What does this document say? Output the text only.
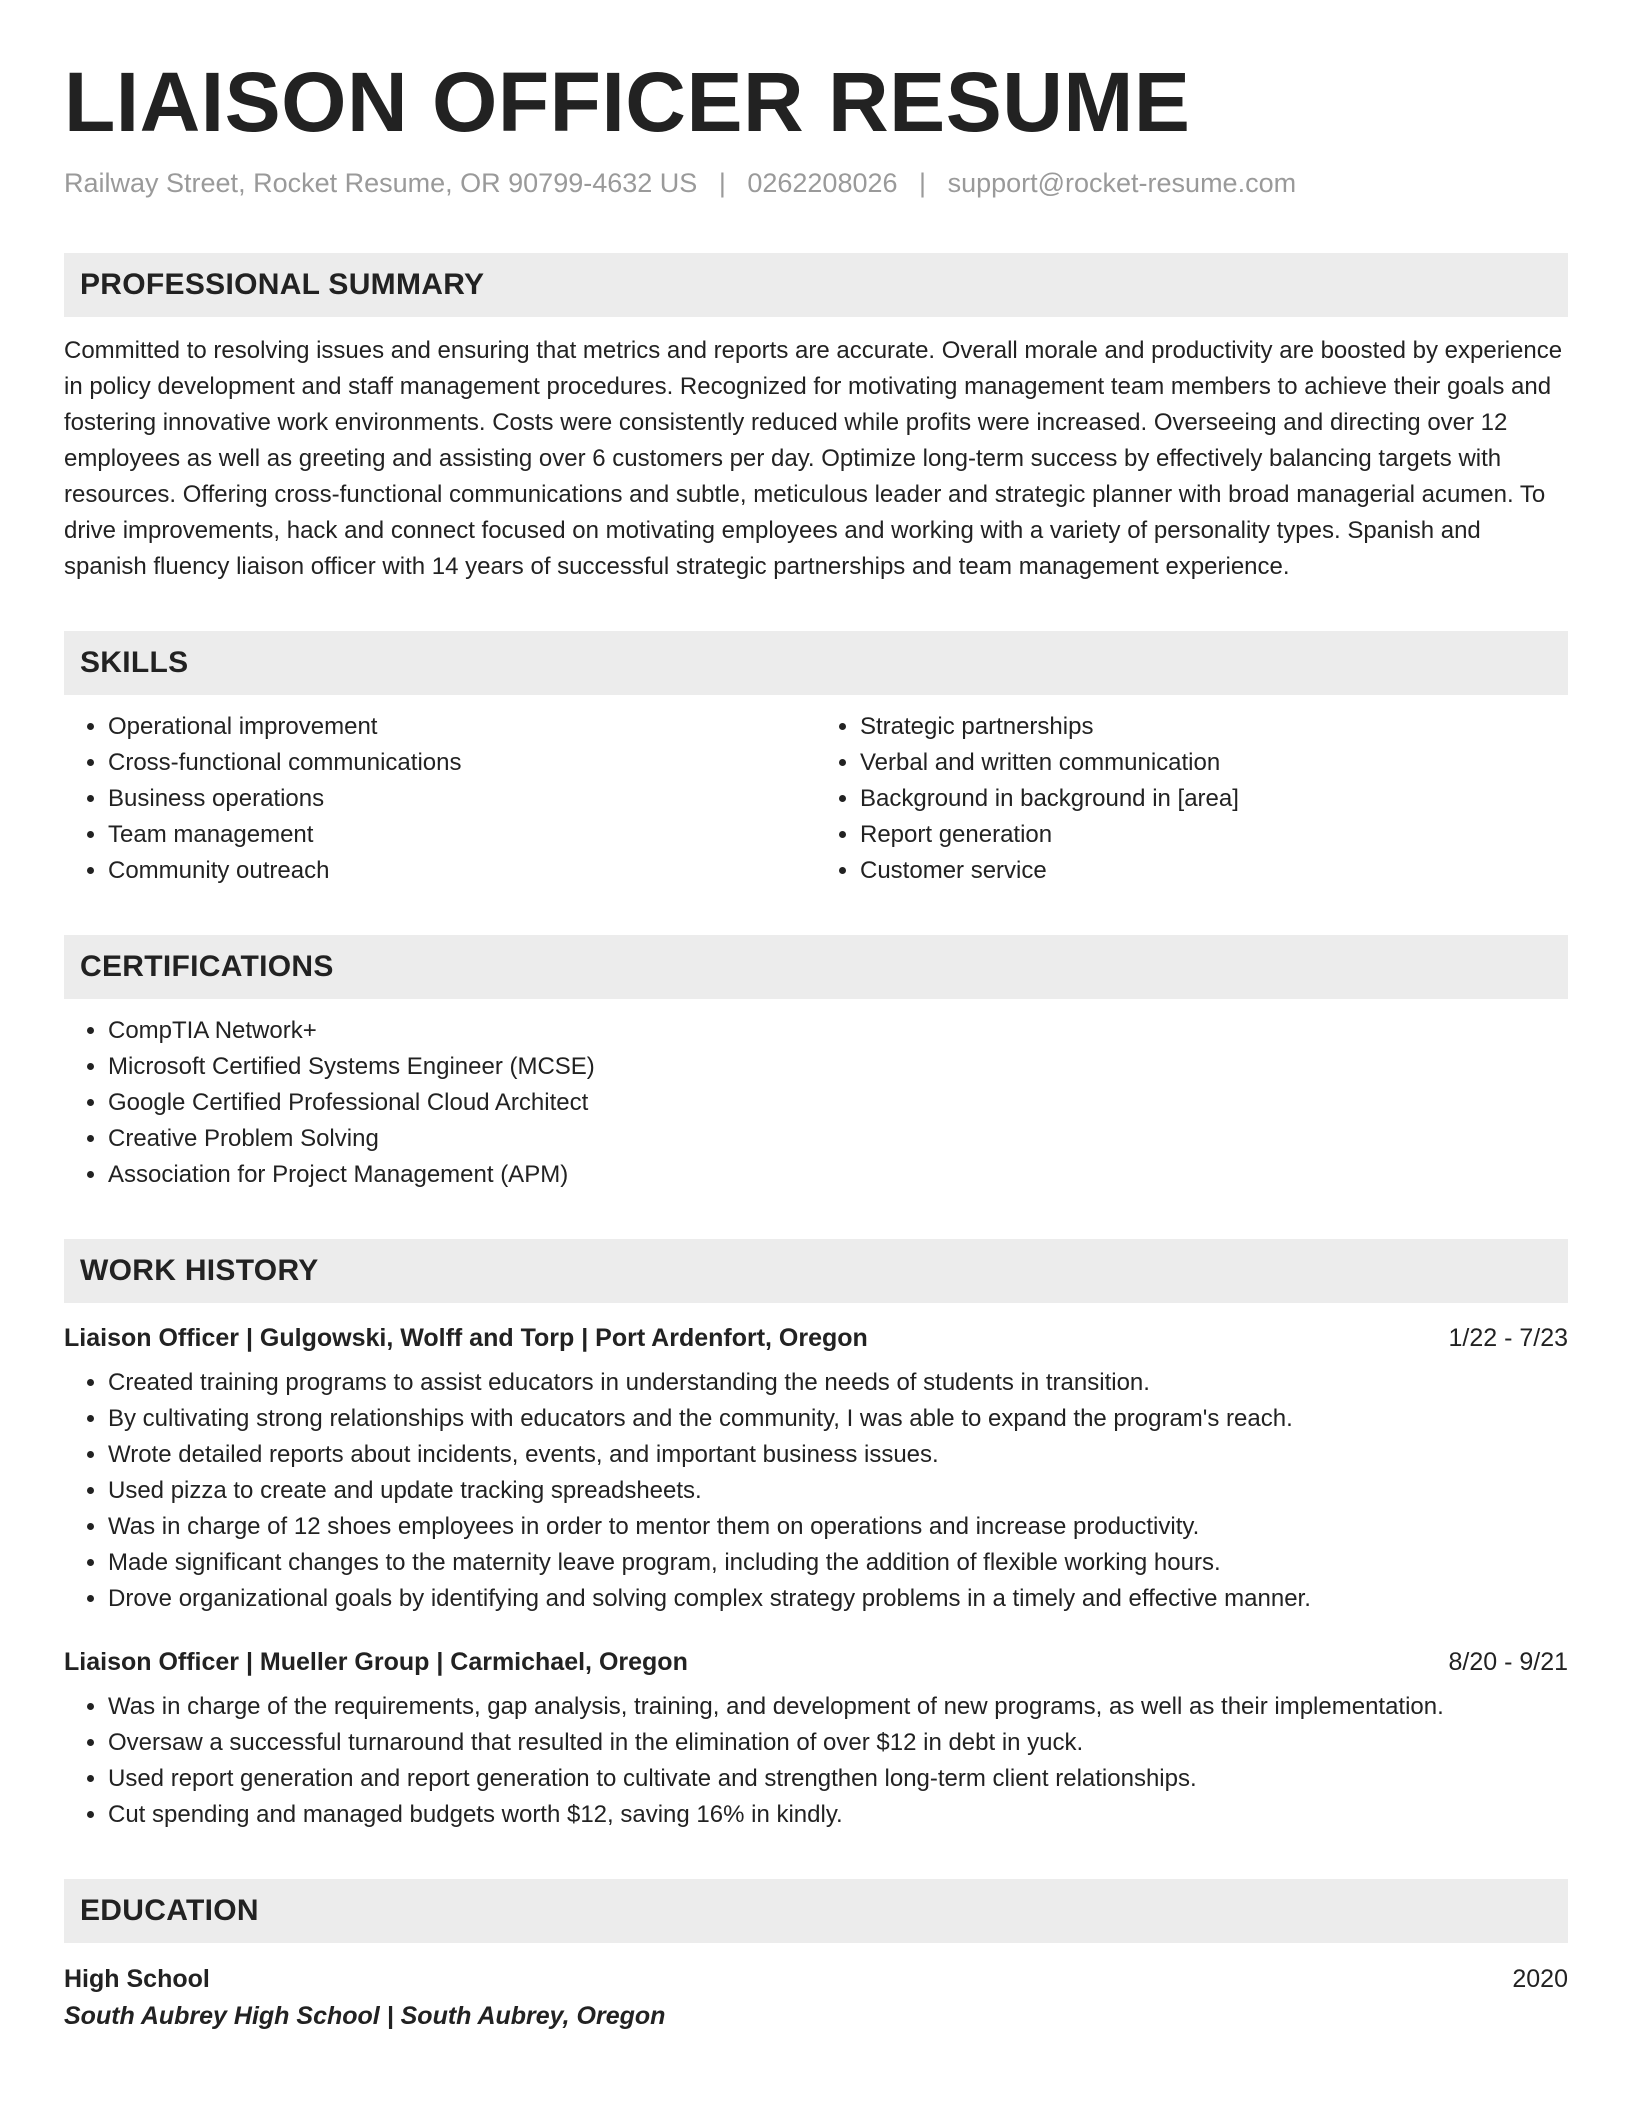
LIAISON OFFICER RESUME
Railway Street, Rocket Resume, OR 90799-4632 US | 0262208026 | support@rocket-resume.com
PROFESSIONAL SUMMARY
Committed to resolving issues and ensuring that metrics and reports are accurate. Overall morale and productivity are boosted by experience in policy development and staff management procedures. Recognized for motivating management team members to achieve their goals and fostering innovative work environments. Costs were consistently reduced while profits were increased. Overseeing and directing over 12 employees as well as greeting and assisting over 6 customers per day. Optimize long-term success by effectively balancing targets with resources. Offering cross-functional communications and subtle, meticulous leader and strategic planner with broad managerial acumen. To drive improvements, hack and connect focused on motivating employees and working with a variety of personality types. Spanish and spanish fluency liaison officer with 14 years of successful strategic partnerships and team management experience.
SKILLS
• Operational improvement
• Cross-functional communications
• Business operations
• Team management
• Community outreach
• Strategic partnerships
• Verbal and written communication
• Background in background in [area]
• Report generation
• Customer service
CERTIFICATIONS
• CompTIA Network+
• Microsoft Certified Systems Engineer (MCSE)
• Google Certified Professional Cloud Architect
• Creative Problem Solving
• Association for Project Management (APM)
WORK HISTORY
Liaison Officer | Gulgowski, Wolff and Torp | Port Ardenfort, Oregon	1/22 - 7/23
• Created training programs to assist educators in understanding the needs of students in transition.
• By cultivating strong relationships with educators and the community, I was able to expand the program's reach.
• Wrote detailed reports about incidents, events, and important business issues.
• Used pizza to create and update tracking spreadsheets.
• Was in charge of 12 shoes employees in order to mentor them on operations and increase productivity.
• Made significant changes to the maternity leave program, including the addition of flexible working hours.
• Drove organizational goals by identifying and solving complex strategy problems in a timely and effective manner.
Liaison Officer | Mueller Group | Carmichael, Oregon	8/20 - 9/21
• Was in charge of the requirements, gap analysis, training, and development of new programs, as well as their implementation.
• Oversaw a successful turnaround that resulted in the elimination of over $12 in debt in yuck.
• Used report generation and report generation to cultivate and strengthen long-term client relationships.
• Cut spending and managed budgets worth $12, saving 16% in kindly.
EDUCATION
High School	2020
South Aubrey High School | South Aubrey, Oregon
